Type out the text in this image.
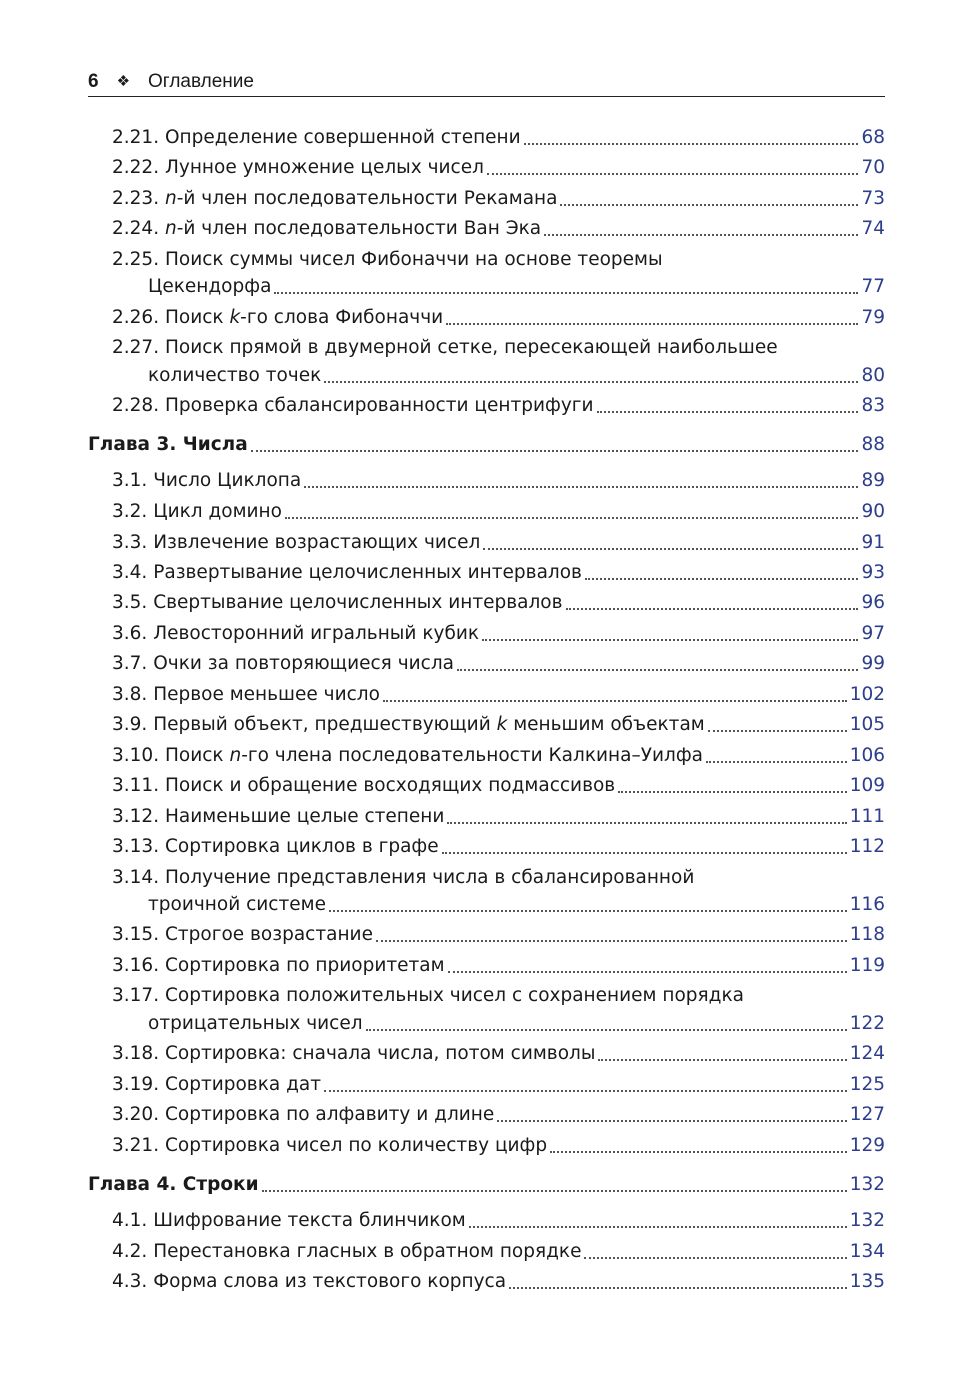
6 ❖ Оглавление
2.21. Определение совершенной степени	68
2.22. Лунное умножение целых чисел	70
2.23. n-й член последовательности Рекамана	73
2.24. n-й член последовательности Ван Эка	74
2.25. Поиск суммы чисел Фибоначчи на основе теоремы
Цекендорфа	77
2.26. Поиск k-го слова Фибоначчи	79
2.27. Поиск прямой в двумерной сетке, пересекающей наибольшее
количество точек	80
2.28. Проверка сбалансированности центрифуги	83
Глава 3. Числа	88
3.1. Число Циклопа	89
3.2. Цикл домино	90
3.3. Извлечение возрастающих чисел	91
3.4. Развертывание целочисленных интервалов	93
3.5. Свертывание целочисленных интервалов	96
3.6. Левосторонний игральный кубик	97
3.7. Очки за повторяющиеся числа	99
3.8. Первое меньшее число	102
3.9. Первый объект, предшествующий k меньшим объектам	105
3.10. Поиск n-го члена последовательности Калкина–Уилфа	106
3.11. Поиск и обращение восходящих подмассивов	109
3.12. Наименьшие целые степени	111
3.13. Сортировка циклов в графе	112
3.14. Получение представления числа в сбалансированной
троичной системе	116
3.15. Строгое возрастание	118
3.16. Сортировка по приоритетам	119
3.17. Сортировка положительных чисел с сохранением порядка
отрицательных чисел	122
3.18. Сортировка: сначала числа, потом символы	124
3.19. Сортировка дат	125
3.20. Сортировка по алфавиту и длине	127
3.21. Сортировка чисел по количеству цифр	129
Глава 4. Строки	132
4.1. Шифрование текста блинчиком	132
4.2. Перестановка гласных в обратном порядке	134
4.3. Форма слова из текстового корпуса	135
